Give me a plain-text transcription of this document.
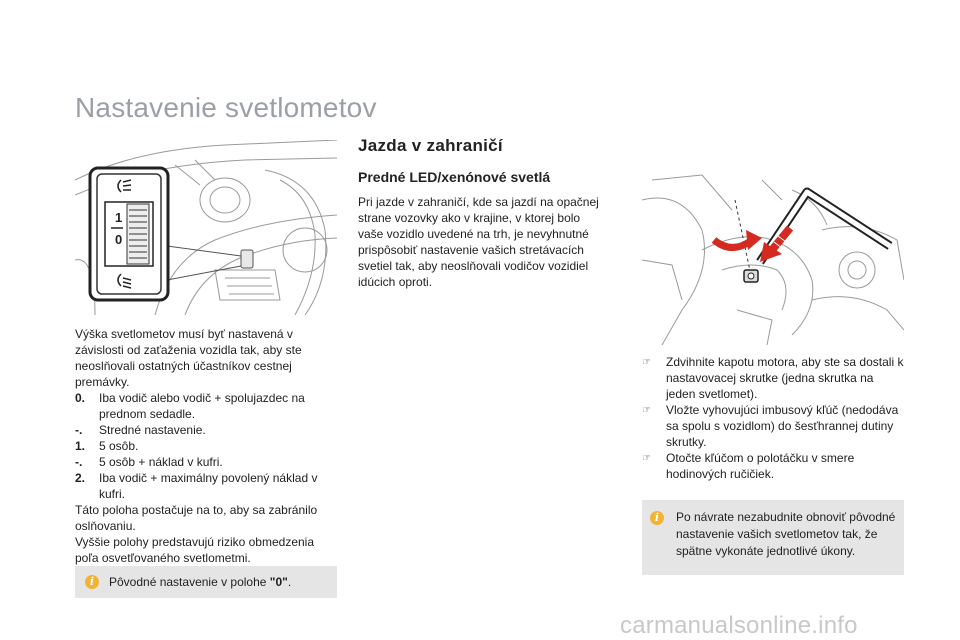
Nastavenie svetlometov
1
0

Výška svetlometov musí byť nastavená v závislosti od zaťaženia vozidla tak, aby ste neoslňovali ostatných účastníkov cestnej premávky.

0.	Iba vodič alebo vodič + spolujazdec na prednom sedadle.
-.	Stredné nastavenie.
1.	5 osôb.
-.	5 osôb + náklad v kufri.
2.	Iba vodič + maximálny povolený náklad v kufri.

Táto poloha postačuje na to, aby sa zabránilo oslňovaniu.

Vyššie polohy predstavujú riziko obmedzenia poľa osvetľovaného svetlometmi.

i	Pôvodné nastavenie v polohe "0".
Jazda v zahraničí
Predné LED/xenónové svetlá

Pri jazde v zahraničí, kde sa jazdí na opačnej strane vozovky ako v krajine, v ktorej bolo vaše vozidlo uvedené na trh, je nevyhnutné prispôsobiť nastavenie vašich stretávacích svetiel tak, aby neoslňovali vodičov vozidiel idúcich oproti.

☞	Zdvihnite kapotu motora, aby ste sa dostali k nastavovacej skrutke (jedna skrutka na jeden svetlomet).
☞	Vložte vyhovujúci imbusový kľúč (nedodáva sa spolu s vozidlom) do šesťhrannej dutiny skrutky.
☞	Otočte kľúčom o polotáčku v smere hodinových ručičiek.
i	Po návrate nezabudnite obnoviť pôvodné nastavenie vašich svetlometov tak, že spätne vykonáte jednotlivé úkony.
carmanualsonline.info
